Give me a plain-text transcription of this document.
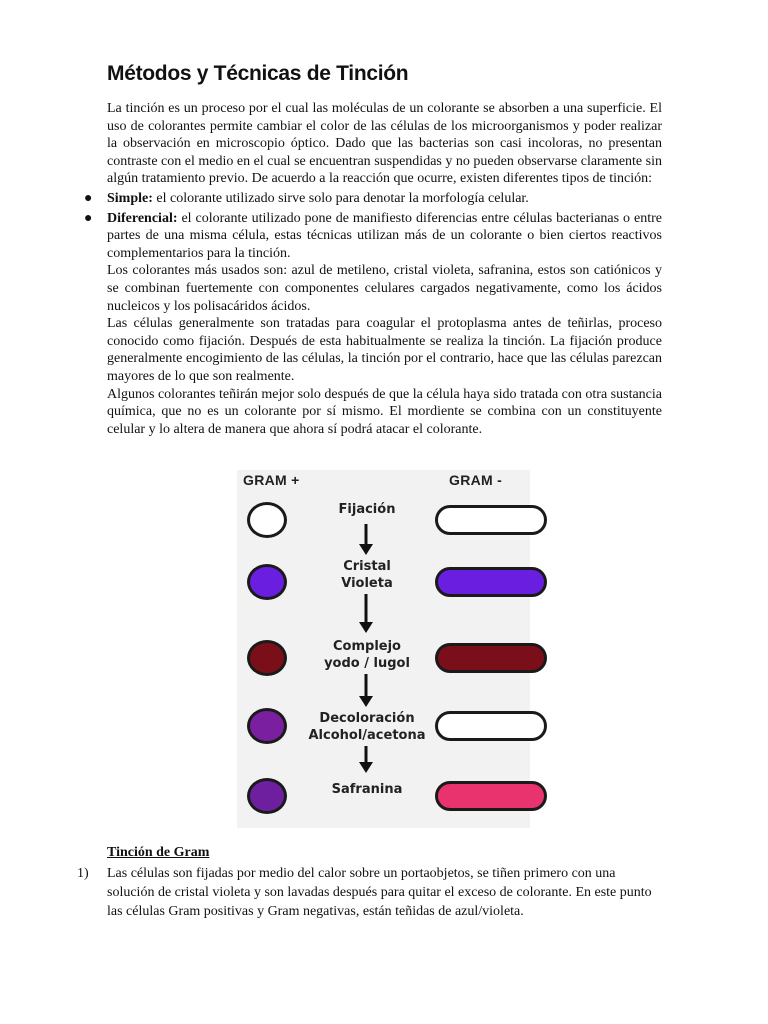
Métodos y Técnicas de Tinción

La tinción es un proceso por el cual las moléculas de un colorante se absorben a una superficie. El uso de colorantes permite cambiar el color de las células de los microorganismos y poder realizar la observación en microscopio óptico. Dado que las bacterias son casi incoloras, no presentan contraste con el medio en el cual se encuentran suspendidas y no pueden observarse claramente sin algún tratamiento previo. De acuerdo a la reacción que ocurre, existen diferentes tipos de tinción:

● Simple: el colorante utilizado sirve solo para denotar la morfología celular.
● Diferencial: el colorante utilizado pone de manifiesto diferencias entre células bacterianas o entre partes de una misma célula, estas técnicas utilizan más de un colorante o bien ciertos reactivos complementarios para la tinción.

Los colorantes más usados son: azul de metileno, cristal violeta, safranina, estos son catiónicos y se combinan fuertemente con componentes celulares cargados negativamente, como los ácidos nucleicos y los polisacáridos ácidos.

Las células generalmente son tratadas para coagular el protoplasma antes de teñirlas, proceso conocido como fijación. Después de esta habitualmente se realiza la tinción. La fijación produce generalmente encogimiento de las células, la tinción por el contrario, hace que las células parezcan mayores de lo que son realmente.

Algunos colorantes teñirán mejor solo después de que la célula haya sido tratada con otra sustancia química, que no es un colorante por sí mismo. El mordiente se combina con un constituyente celular y lo altera de manera que ahora sí podrá atacar el colorante.

GRAM +	GRAM -
Fijación
Cristal
Violeta
Complejo
yodo / lugol
Decoloración
Alcohol/acetona
Safranina
Tinción de Gram
1) Las células son fijadas por medio del calor sobre un portaobjetos, se tiñen primero con una solución de cristal violeta y son lavadas después para quitar el exceso de colorante. En este punto las células Gram positivas y Gram negativas, están teñidas de azul/violeta.
